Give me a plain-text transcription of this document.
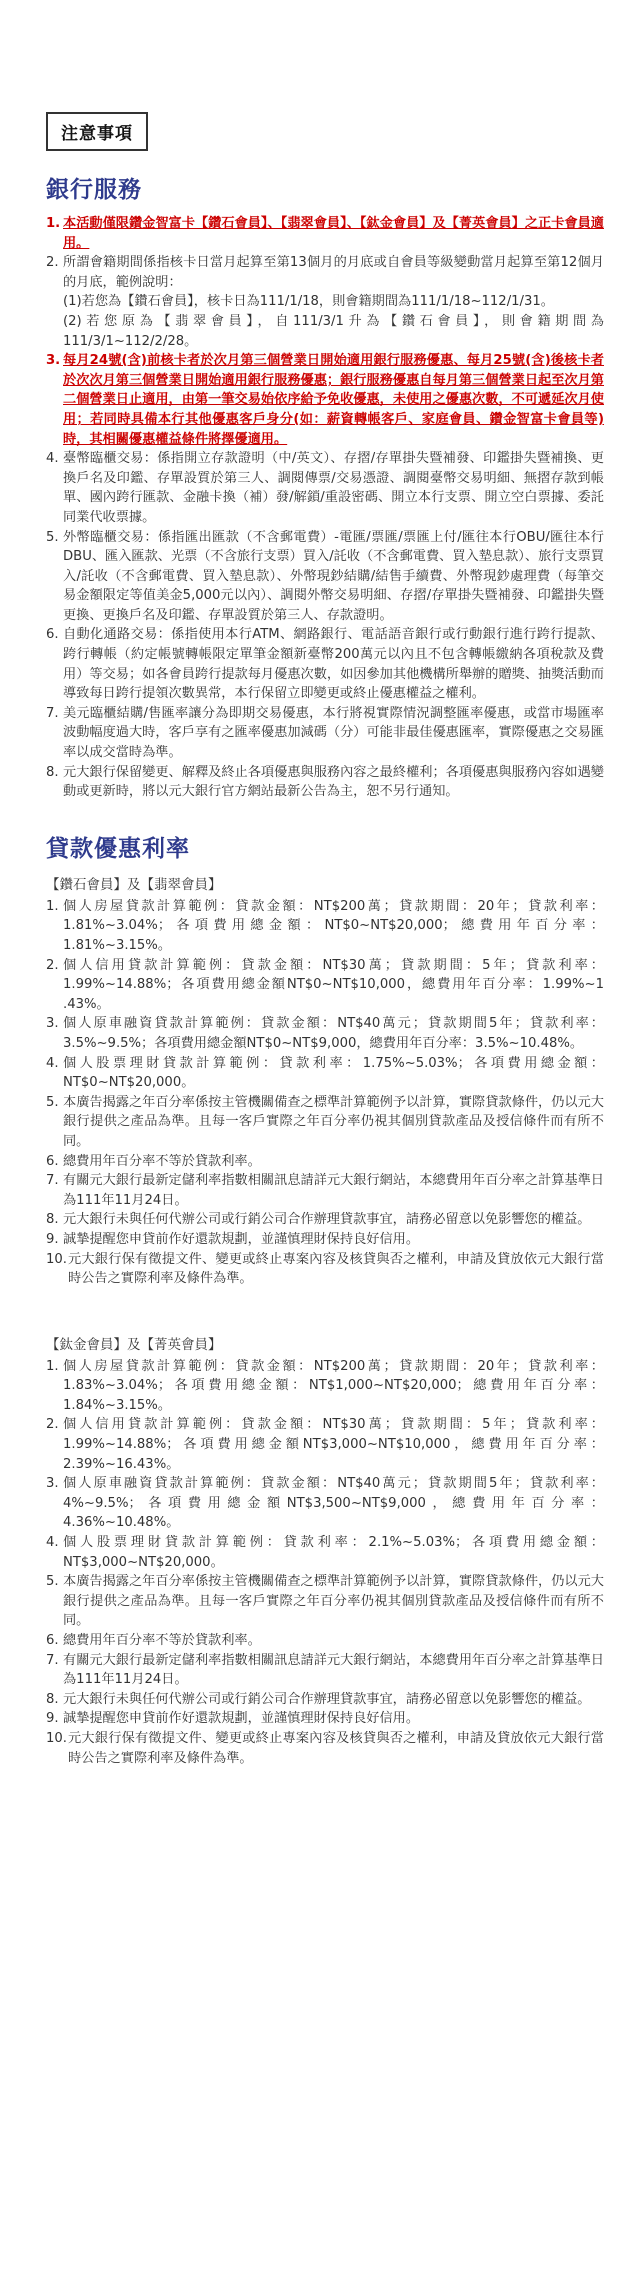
注意事項
銀行服務
1. 本活動僅限鑽金智富卡【鑽石會員】、【翡翠會員】、【鈦金會員】及【菁英會員】之正卡會員適用。
2. 所謂會籍期間係指核卡日當月起算至第13個月的月底或自會員等級變動當月起算至第12個月的月底，範例說明：
(1)若您為【鑽石會員】，核卡日為111/1/18，則會籍期間為111/1/18~112/1/31。
(2)若您原為【翡翠會員】，自111/3/1升為【鑽石會員】，則會籍期間為111/3/1~112/2/28。
3. 每月24號(含)前核卡者於次月第三個營業日開始適用銀行服務優惠、每月25號(含)後核卡者於次次月第三個營業日開始適用銀行服務優惠；銀行服務優惠自每月第三個營業日起至次月第二個營業日止適用，由第一筆交易始依序給予免收優惠，未使用之優惠次數，不可遞延次月使用；若同時具備本行其他優惠客戶身分(如：薪資轉帳客戶、家庭會員、鑽金智富卡會員等)時，其相關優惠權益條件將擇優適用。
4. 臺幣臨櫃交易：係指開立存款證明（中/英文）、存摺/存單掛失暨補發、印鑑掛失暨補換、更換戶名及印鑑、存單設質於第三人、調閱傳票/交易憑證、調閱臺幣交易明細、無摺存款到帳單、國內跨行匯款、金融卡換（補）發/解鎖/重設密碼、開立本行支票、開立空白票據、委託同業代收票據。
5. 外幣臨櫃交易：係指匯出匯款（不含郵電費）-電匯/票匯/票匯上付/匯往本行OBU/匯往本行DBU、匯入匯款、光票（不含旅行支票）買入/託收（不含郵電費、買入墊息款）、旅行支票買入/託收（不含郵電費、買入墊息款）、外幣現鈔結購/結售手續費、外幣現鈔處理費（每筆交易金額限定等值美金5,000元以內）、調閱外幣交易明細、存摺/存單掛失暨補發、印鑑掛失暨更換、更換戶名及印鑑、存單設質於第三人、存款證明。
6. 自動化通路交易：係指使用本行ATM、網路銀行、電話語音銀行或行動銀行進行跨行提款、跨行轉帳（約定帳號轉帳限定單筆金額新臺幣200萬元以內且不包含轉帳繳納各項稅款及費用）等交易；如各會員跨行提款每月優惠次數，如因參加其他機構所舉辦的贈獎、抽獎活動而導致每日跨行提領次數異常，本行保留立即變更或終止優惠權益之權利。
7. 美元臨櫃結購/售匯率讓分為即期交易優惠，本行將視實際情況調整匯率優惠，或當市場匯率波動幅度過大時，客戶享有之匯率優惠加減碼（分）可能非最佳優惠匯率，實際優惠之交易匯率以成交當時為準。
8. 元大銀行保留變更、解釋及終止各項優惠與服務內容之最終權利；各項優惠與服務內容如遇變動或更新時，將以元大銀行官方網站最新公告為主，恕不另行通知。
貸款優惠利率
【鑽石會員】及【翡翠會員】
1. 個人房屋貸款計算範例：貸款金額：NT$200萬；貸款期間：20年；貸款利率：1.81%~3.04%；各項費用總金額：NT$0~NT$20,000；總費用年百分率：1.81%~3.15%。
2. 個人信用貸款計算範例：貸款金額：NT$30萬；貸款期間：5年；貸款利率：1.99%~14.88%；各項費用總金額NT$0~NT$10,000，總費用年百分率：1.99%~1 .43%。
3. 個人原車融資貸款計算範例：貸款金額：NT$40萬元；貸款期間5年；貸款利率：3.5%~9.5%；各項費用總金額NT$0~NT$9,000，總費用年百分率：3.5%~10.48%。
4. 個人股票理財貸款計算範例：貸款利率：1.75%~5.03%；各項費用總金額：NT$0~NT$20,000。
5. 本廣告揭露之年百分率係按主管機關備查之標準計算範例予以計算，實際貸款條件，仍以元大銀行提供之產品為準。且每一客戶實際之年百分率仍視其個別貸款產品及授信條件而有所不同。
6. 總費用年百分率不等於貸款利率。
7. 有關元大銀行最新定儲利率指數相關訊息請詳元大銀行網站，本總費用年百分率之計算基準日為111年11月24日。
8. 元大銀行未與任何代辦公司或行銷公司合作辦理貸款事宜，請務必留意以免影響您的權益。
9. 誠摯提醒您申貸前作好還款規劃，並謹慎理財保持良好信用。
10. 元大銀行保有徵提文件、變更或終止專案內容及核貸與否之權利，申請及貸放依元大銀行當時公告之實際利率及條件為準。
【鈦金會員】及【菁英會員】
1. 個人房屋貸款計算範例：貸款金額：NT$200萬；貸款期間：20年；貸款利率：1.83%~3.04%；各項費用總金額：NT$1,000~NT$20,000；總費用年百分率：1.84%~3.15%。
2. 個人信用貸款計算範例：貸款金額：NT$30萬；貸款期間：5年；貸款利率：1.99%~14.88%；各項費用總金額NT$3,000~NT$10,000，總費用年百分率：2.39%~16.43%。
3. 個人原車融資貸款計算範例：貸款金額：NT$40萬元；貸款期間5年；貸款利率：4%~9.5%；各項費用總金額NT$3,500~NT$9,000，總費用年百分率：4.36%~10.48%。
4. 個人股票理財貸款計算範例：貸款利率：2.1%~5.03%；各項費用總金額：NT$3,000~NT$20,000。
5. 本廣告揭露之年百分率係按主管機關備查之標準計算範例予以計算，實際貸款條件，仍以元大銀行提供之產品為準。且每一客戶實際之年百分率仍視其個別貸款產品及授信條件而有所不同。
6. 總費用年百分率不等於貸款利率。
7. 有關元大銀行最新定儲利率指數相關訊息請詳元大銀行網站，本總費用年百分率之計算基準日為111年11月24日。
8. 元大銀行未與任何代辦公司或行銷公司合作辦理貸款事宜，請務必留意以免影響您的權益。
9. 誠摯提醒您申貸前作好還款規劃，並謹慎理財保持良好信用。
10. 元大銀行保有徵提文件、變更或終止專案內容及核貸與否之權利，申請及貸放依元大銀行當時公告之實際利率及條件為準。
